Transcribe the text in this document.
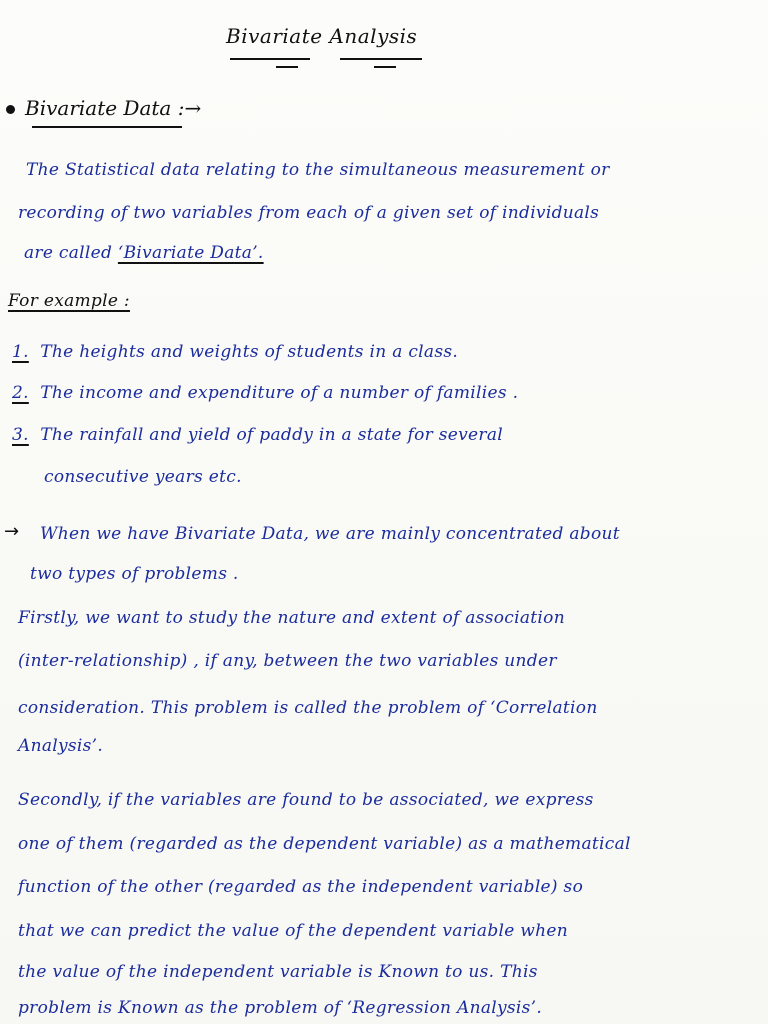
Bivariate Analysis
Bivariate Data :→
The Statistical data relating to the simultaneous measurement or
recording of two variables from each of a given set of individuals
are called ‘Bivariate Data’.
For example :
1. The heights and weights of students in a class.
2. The income and expenditure of a number of families .
3. The rainfall and yield of paddy in a state for several
consecutive years etc.
→ When we have Bivariate Data, we are mainly concentrated about
two types of problems .
Firstly, we want to study the nature and extent of association
(inter-relationship) , if any, between the two variables under
consideration. This problem is called the problem of ‘Correlation
Analysis’.
Secondly, if the variables are found to be associated, we express
one of them (regarded as the dependent variable) as a mathematical
function of the other (regarded as the independent variable) so
that we can predict the value of the dependent variable when
the value of the independent variable is Known to us. This
problem is Known as the problem of ‘Regression Analysis’.
